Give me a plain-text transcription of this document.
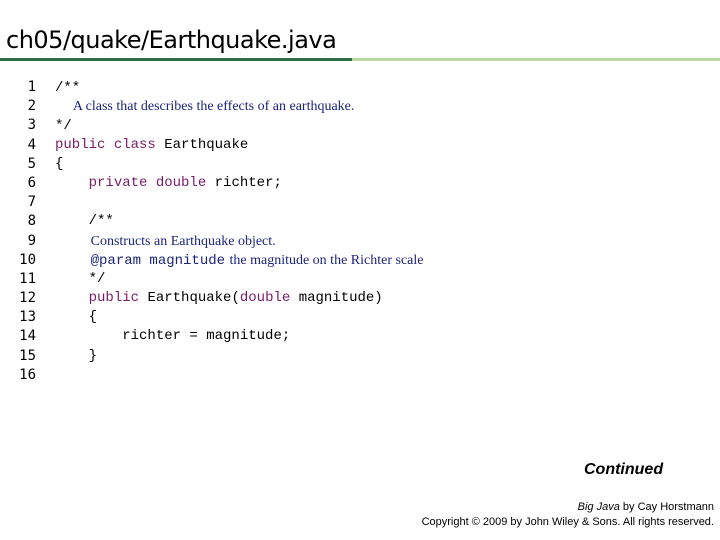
ch05/quake/Earthquake.java
1
2
3
4
5
6
7
8
9
10
11
12
13
14
15
16
/**
A class that describes the effects of an earthquake.
*/
public class Earthquake
{
private double richter;

/**
Constructs an Earthquake object.
@param magnitude the magnitude on the Richter scale
*/
public Earthquake(double magnitude)
{
richter = magnitude;
}

Continued
Big Java by Cay Horstmann
Copyright © 2009 by John Wiley & Sons. All rights reserved.
